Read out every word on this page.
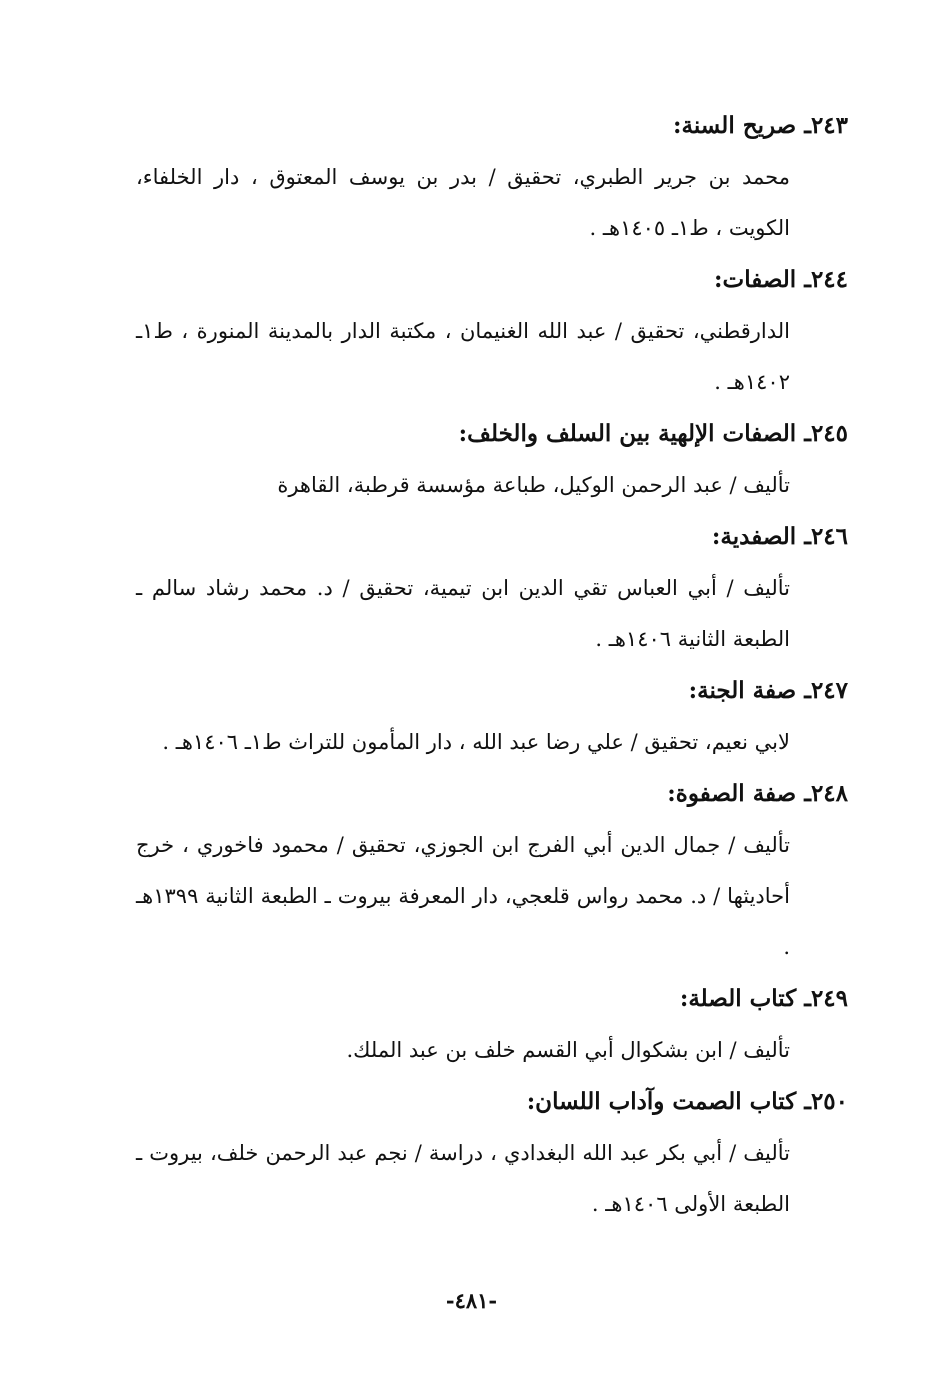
٢٤٣ـ صريح السنة:
محمد بن جرير الطبري، تحقيق / بدر بن يوسف المعتوق ، دار الخلفاء، الكويت ، ط١ـ ١٤٠٥هـ .
٢٤٤ـ الصفات:
الدارقطني، تحقيق / عبد الله الغنيمان ، مكتبة الدار بالمدينة المنورة ، ط١ـ ١٤٠٢هـ .
٢٤٥ـ الصفات الإلهية بين السلف والخلف:
تأليف / عبد الرحمن الوكيل، طباعة مؤسسة قرطبة، القاهرة
٢٤٦ـ الصفدية:
تأليف / أبي العباس تقي الدين ابن تيمية، تحقيق / د. محمد رشاد سالم ـ الطبعة الثانية ١٤٠٦هـ .
٢٤٧ـ صفة الجنة:
لابي نعيم، تحقيق / علي رضا عبد الله ، دار المأمون للتراث ط١ـ ١٤٠٦هـ .
٢٤٨ـ صفة الصفوة:
تأليف / جمال الدين أبي الفرج ابن الجوزي، تحقيق / محمود فاخوري ، خرج أحاديثها / د. محمد رواس قلعجي، دار المعرفة بيروت ـ الطبعة الثانية ١٣٩٩هـ .
٢٤٩ـ كتاب الصلة:
تأليف / ابن بشكوال أبي القسم خلف بن عبد الملك.
٢٥٠ـ كتاب الصمت وآداب اللسان:
تأليف / أبي بكر عبد الله البغدادي ، دراسة / نجم عبد الرحمن خلف، بيروت ـ الطبعة الأولى ١٤٠٦هـ .
-٤٨١-
